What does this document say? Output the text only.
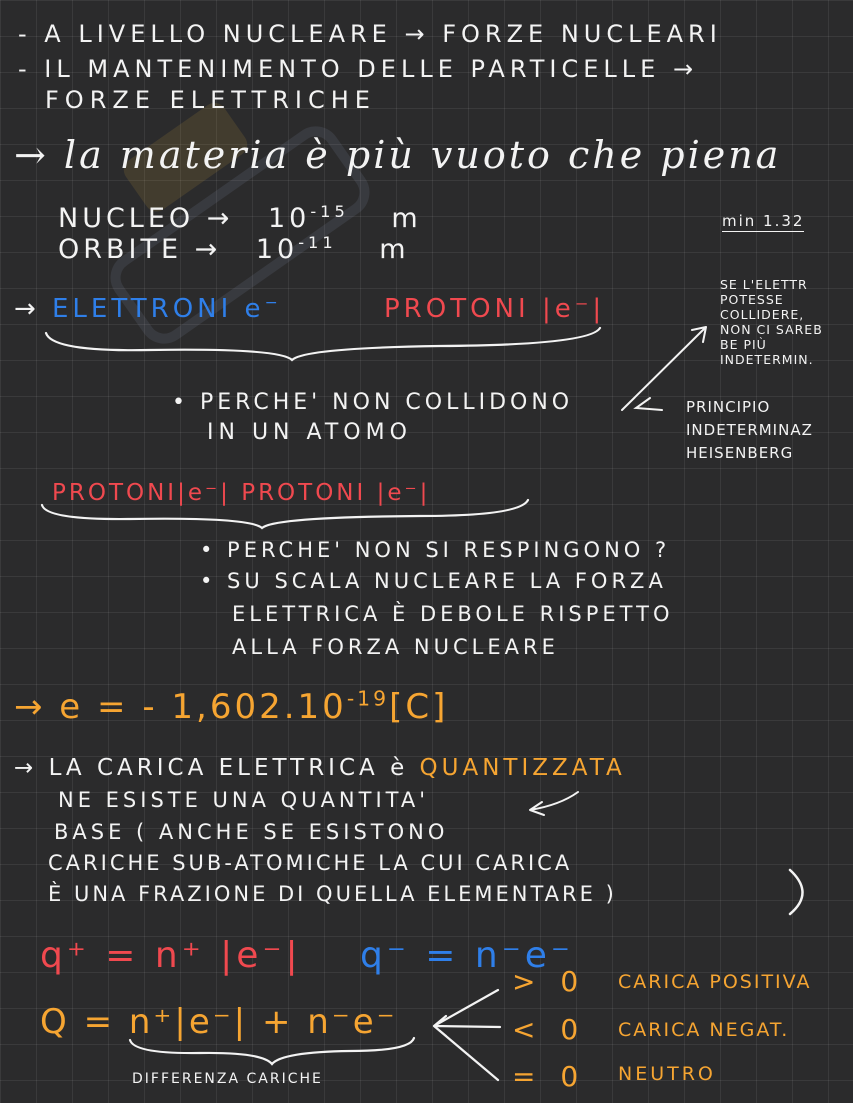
- A LIVELLO NUCLEARE → FORZE NUCLEARI
- IL MANTENIMENTO DELLE PARTICELLE →
FORZE ELETTRICHE
→ la materia è più vuoto che piena
NUCLEO → $10^{-15}$ m
ORBITE → $10^{-11}$ m
min 1.32
→ ELETTRONI e−	PROTONI |e⁻|
SE L'ELETTR
POTESSE
COLLIDERE,
NON CI SAREB
BE PIÙ
INDETERMIN.
• PERCHE' NON COLLIDONO
IN UN ATOMO
PRINCIPIO
INDETERMINAZ
HEISENBERG
PROTONI|e⁻| PROTONI |e⁻|
• PERCHE' NON SI RESPINGONO ?
• SU SCALA NUCLEARE LA FORZA
ELETTRICA È DEBOLE RISPETTO
ALLA FORZA NUCLEARE
→ e = - $1,602.10^{-19}[C]$
→ LA CARICA ELETTRICA è QUANTIZZATA
NE ESISTE UNA QUANTITA'
BASE ( ANCHE SE ESISTONO
CARICHE SUB-ATOMICHE LA CUI CARICA
È UNA FRAZIONE DI QUELLA ELEMENTARE )
q⁺ = n⁺ |e⁻| q⁻ = n⁻e⁻
Q = n⁺|e⁻| + n⁻e⁻
DIFFERENZA CARICHE
> 0
< 0
= 0
CARICA POSITIVA
CARICA NEGAT.
NEUTRO
